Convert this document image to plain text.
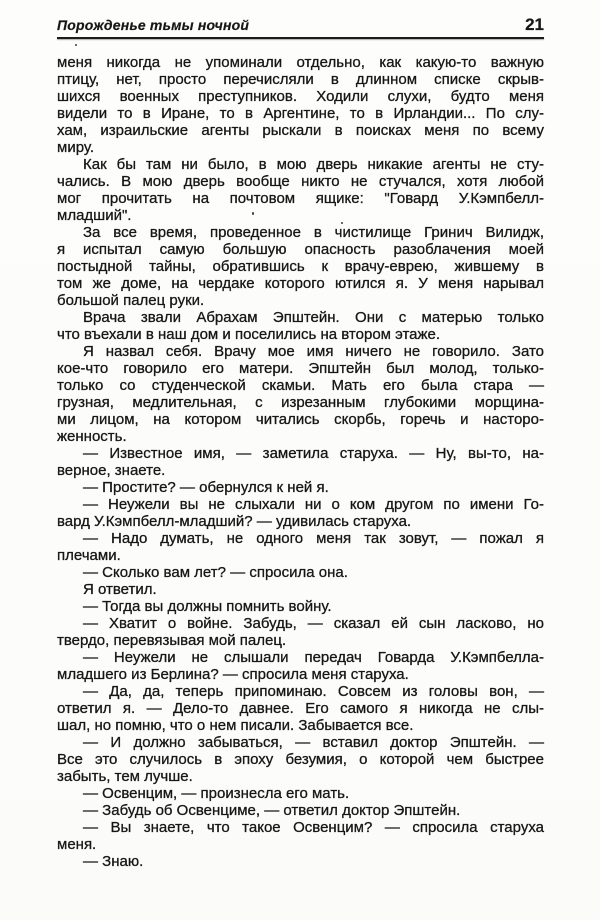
Порожденье тьмы ночной	21
меня никогда не упоминали отдельно, как какую-то важную
птицу, нет, просто перечисляли в длинном списке скрыв-
шихся военных преступников. Ходили слухи, будто меня
видели то в Иране, то в Аргентине, то в Ирландии... По слу-
хам, израильские агенты рыскали в поисках меня по всему
миру.
Как бы там ни было, в мою дверь никакие агенты не сту-
чались. В мою дверь вообще никто не стучался, хотя любой
мог прочитать на почтовом ящике: "Говард У.Кэмпбелл-
младший".
За все время, проведенное в чистилище Гринич Вилидж,
я испытал самую большую опасность разоблачения моей
постыдной тайны, обратившись к врачу-еврею, жившему в
том же доме, на чердаке которого ютился я. У меня нарывал
большой палец руки.
Врача звали Абрахам Эпштейн. Они с матерью только
что въехали в наш дом и поселились на втором этаже.
Я назвал себя. Врачу мое имя ничего не говорило. Зато
кое-что говорило его матери. Эпштейн был молод, только-
только со студенческой скамьи. Мать его была стара —
грузная, медлительная, с изрезанным глубокими морщина-
ми лицом, на котором читались скорбь, горечь и насторо-
женность.
— Известное имя, — заметила старуха. — Ну, вы-то, на-
верное, знаете.
— Простите? — обернулся к ней я.
— Неужели вы не слыхали ни о ком другом по имени Го-
вард У.Кэмпбелл-младший? — удивилась старуха.
— Надо думать, не одного меня так зовут, — пожал я
плечами.
— Сколько вам лет? — спросила она.
Я ответил.
— Тогда вы должны помнить войну.
— Хватит о войне. Забудь, — сказал ей сын ласково, но
твердо, перевязывая мой палец.
— Неужели не слышали передач Говарда У.Кэмпбелла-
младшего из Берлина? — спросила меня старуха.
— Да, да, теперь припоминаю. Совсем из головы вон, —
ответил я. — Дело-то давнее. Его самого я никогда не слы-
шал, но помню, что о нем писали. Забывается все.
— И должно забываться, — вставил доктор Эпштейн. —
Все это случилось в эпоху безумия, о которой чем быстрее
забыть, тем лучше.
— Освенцим, — произнесла его мать.
— Забудь об Освенциме, — ответил доктор Эпштейн.
— Вы знаете, что такое Освенцим? — спросила старуха
меня.
— Знаю.
